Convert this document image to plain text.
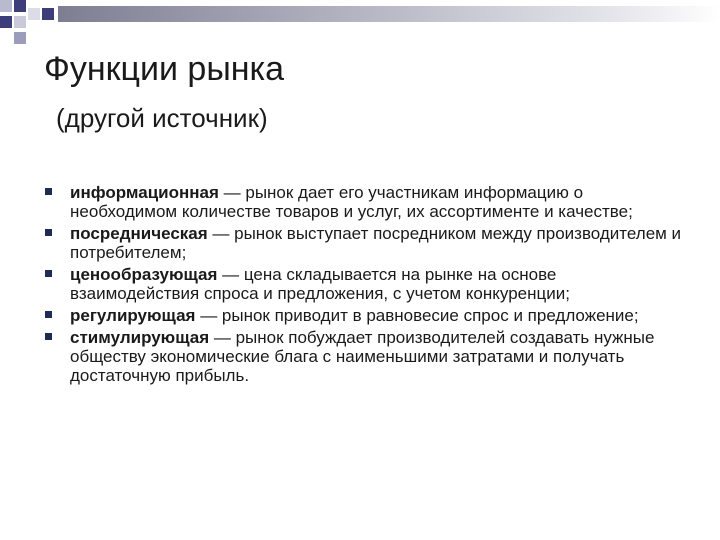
Функции рынка
(другой источник)
информационная — рынок дает его участникам информацию о необходимом количестве товаров и услуг, их ассортименте и качестве;
посредническая — рынок выступает посредником между производителем и потребителем;
ценообразующая — цена складывается на рынке на основе взаимодействия спроса и предложения, с учетом конкуренции;
регулирующая — рынок приводит в равновесие спрос и предложение;
стимулирующая — рынок побуждает производителей создавать нужные обществу экономические блага с наименьшими затратами и получать достаточную прибыль.
